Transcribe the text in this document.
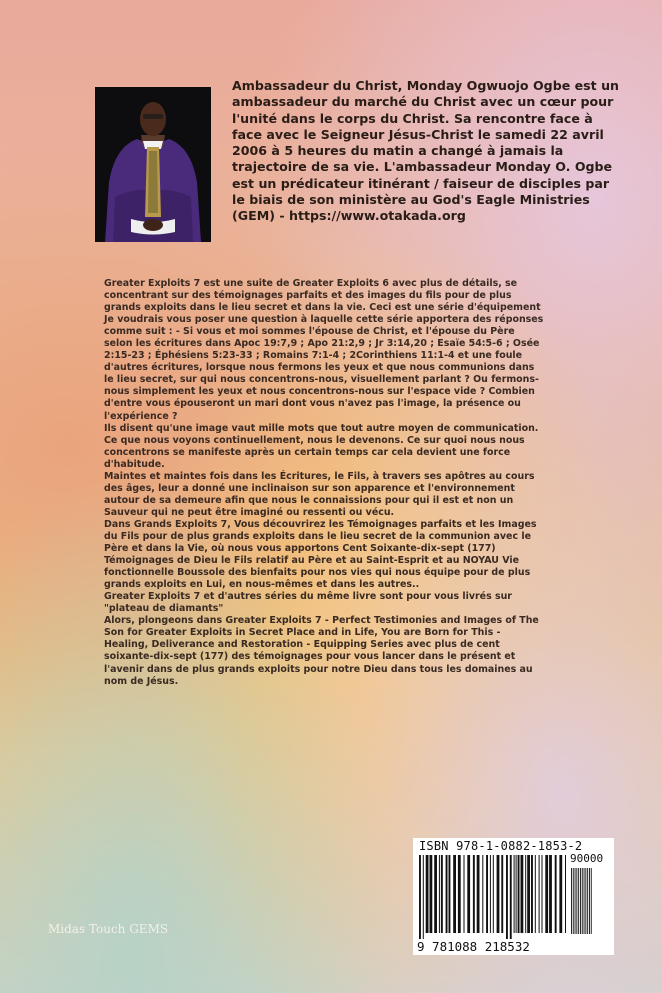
Ambassadeur du Christ, Monday Ogwuojo Ogbe est un ambassadeur du marché du Christ avec un cœur pour l'unité dans le corps du Christ. Sa rencontre face à face avec le Seigneur Jésus-Christ le samedi 22 avril 2006 à 5 heures du matin a changé à jamais la trajectoire de sa vie. L'ambassadeur Monday O. Ogbe est un prédicateur itinérant / faiseur de disciples par le biais de son ministère au God's Eagle Ministries (GEM) - https://www.otakada.org

Greater Exploits 7 est une suite de Greater Exploits 6 avec plus de détails, se concentrant sur des témoignages parfaits et des images du fils pour de plus grands exploits dans le lieu secret et dans la vie. Ceci est une série d'équipement

Je voudrais vous poser une question à laquelle cette série apportera des réponses comme suit : - Si vous et moi sommes l'épouse de Christ, et l'épouse du Père selon les écritures dans Apoc 19:7,9 ; Apo 21:2,9 ; Jr 3:14,20 ; Esaïe 54:5-6 ; Osée 2:15-23 ; Éphésiens 5:23-33 ; Romains 7:1-4 ; 2Corinthiens 11:1-4 et une foule d'autres écritures, lorsque nous fermons les yeux et que nous communions dans le lieu secret, sur qui nous concentrons-nous, visuellement parlant ? Ou fermons-nous simplement les yeux et nous concentrons-nous sur l'espace vide ? Combien d'entre vous épouseront un mari dont vous n'avez pas l'image, la présence ou l'expérience ?

Ils disent qu'une image vaut mille mots que tout autre moyen de communication. Ce que nous voyons continuellement, nous le devenons. Ce sur quoi nous nous concentrons se manifeste après un certain temps car cela devient une force d'habitude.

Maintes et maintes fois dans les Écritures, le Fils, à travers ses apôtres au cours des âges, leur a donné une inclinaison sur son apparence et l'environnement autour de sa demeure afin que nous le connaissions pour qui il est et non un Sauveur qui ne peut être imaginé ou ressenti ou vécu.

Dans Grands Exploits 7, Vous découvrirez les Témoignages parfaits et les Images du Fils pour de plus grands exploits dans le lieu secret de la communion avec le Père et dans la Vie, où nous vous apportons Cent Soixante-dix-sept (177) Témoignages de Dieu le Fils relatif au Père et au Saint-Esprit et au NOYAU Vie fonctionnelle Boussole des bienfaits pour nos vies qui nous équipe pour de plus grands exploits en Lui, en nous-mêmes et dans les autres..

Greater Exploits 7 et d'autres séries du même livre sont pour vous livrés sur "plateau de diamants"

Alors, plongeons dans Greater Exploits 7 - Perfect Testimonies and Images of The Son for Greater Exploits in Secret Place and in Life, You are Born for This - Healing, Deliverance and Restoration - Equipping Series avec plus de cent soixante-dix-sept (177) des témoignages pour vous lancer dans le présent et l'avenir dans de plus grands exploits pour notre Dieu dans tous les domaines au nom de Jésus.

ISBN 978-1-0882-1853-2
90000
9 781088 218532
Midas Touch GEMS
